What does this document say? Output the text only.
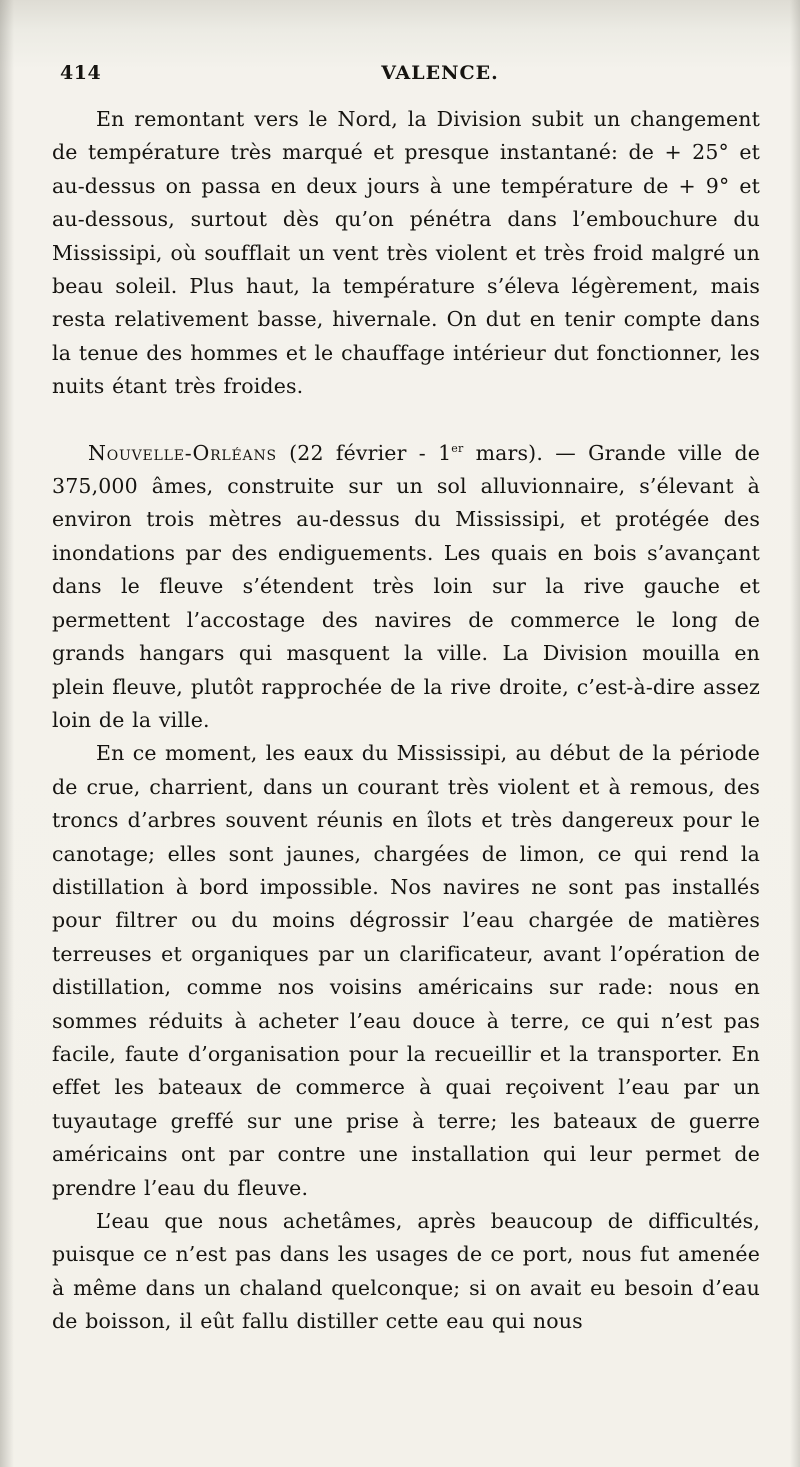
414	VALENCE.

En remontant vers le Nord, la Division subit un changement de température très marqué et presque instantané: de + 25° et au-dessus on passa en deux jours à une température de + 9° et au-dessous, surtout dès qu’on pénétra dans l’embouchure du Mississipi, où soufflait un vent très violent et très froid malgré un beau soleil. Plus haut, la température s’éleva légèrement, mais resta relativement basse, hivernale. On dut en tenir compte dans la tenue des hommes et le chauffage intérieur dut fonctionner, les nuits étant très froides.

Nouvelle-Orléans (22 février - 1er mars). — Grande ville de 375,000 âmes, construite sur un sol alluvionnaire, s’élevant à environ trois mètres au-dessus du Mississipi, et protégée des inondations par des endiguements. Les quais en bois s’avançant dans le fleuve s’étendent très loin sur la rive gauche et permettent l’accostage des navires de commerce le long de grands hangars qui masquent la ville. La Division mouilla en plein fleuve, plutôt rapprochée de la rive droite, c’est-à-dire assez loin de la ville.

En ce moment, les eaux du Mississipi, au début de la période de crue, charrient, dans un courant très violent et à remous, des troncs d’arbres souvent réunis en îlots et très dangereux pour le canotage; elles sont jaunes, chargées de limon, ce qui rend la distillation à bord impossible. Nos navires ne sont pas installés pour filtrer ou du moins dégrossir l’eau chargée de matières terreuses et organiques par un clarificateur, avant l’opération de distillation, comme nos voisins américains sur rade: nous en sommes réduits à acheter l’eau douce à terre, ce qui n’est pas facile, faute d’organisation pour la recueillir et la transporter. En effet les bateaux de commerce à quai reçoivent l’eau par un tuyautage greffé sur une prise à terre; les bateaux de guerre américains ont par contre une installation qui leur permet de prendre l’eau du fleuve.

L’eau que nous achetâmes, après beaucoup de difficultés, puisque ce n’est pas dans les usages de ce port, nous fut amenée à même dans un chaland quelconque; si on avait eu besoin d’eau de boisson, il eût fallu distiller cette eau qui nous
